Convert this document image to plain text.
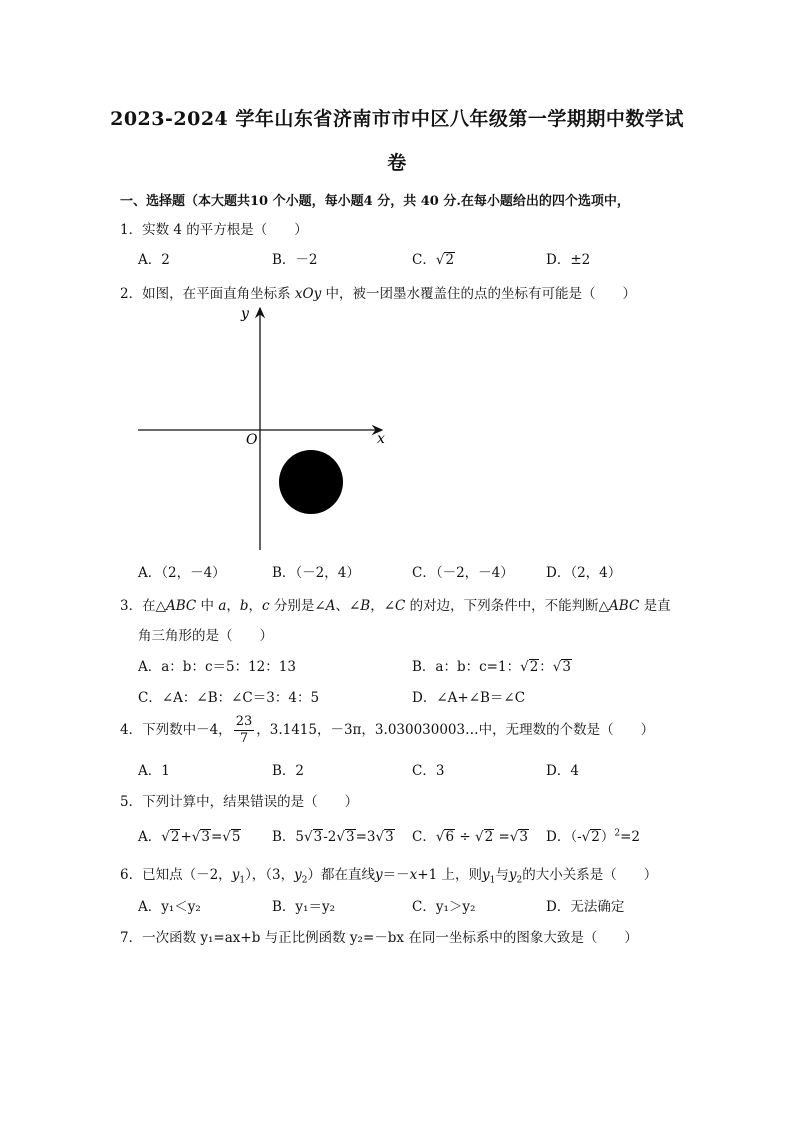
2023-2024 学年山东省济南市市中区八年级第一学期期中数学试
卷
一、选择题（本大题共10 个小题，每小题4 分，共 40 分.在每小题给出的四个选项中，
1．实数 4 的平方根是（　　）
A．2	B．－2	C．√2	D．±2
2．如图，在平面直角坐标系 xOy 中，被一团墨水覆盖住的点的坐标有可能是（　　）
y
x
O
A．（2，－4）	B．（－2，4）	C．（－2，－4） D．（2，4）
3．在△ABC 中 a，b，c 分别是∠A、∠B，∠C 的对边，下列条件中，不能判断△ABC 是直
角三角形的是（　　）
A．a：b：c＝5：12：13	B．a：b：c=1：√2：√3
C．∠A：∠B：∠C＝3：4：5	D．∠A+∠B＝∠C
4．下列数中－4， $\frac{23}{7}$ ，3.1415，－3π，3.030030003…中，无理数的个数是（　　）
A．1	B．2	C．3	D．4
5．下列计算中，结果错误的是（　　）
A．√2+√3=√5 B．5√3-2√3=3√3 C．√6 ÷ √2 =√3 D．$(-√2)^2=2$
6．已知点（－2，$y_1$），（3，$y_2$）都在直线y＝－x+1 上，则$y_1$与$y_2$的大小关系是（　　）
A．y₁＜y₂	B．y₁＝y₂	C．y₁＞y₂	D．无法确定
7．一次函数 y₁=ax+b 与正比例函数 y₂=－bx 在同一坐标系中的图象大致是（　　）
